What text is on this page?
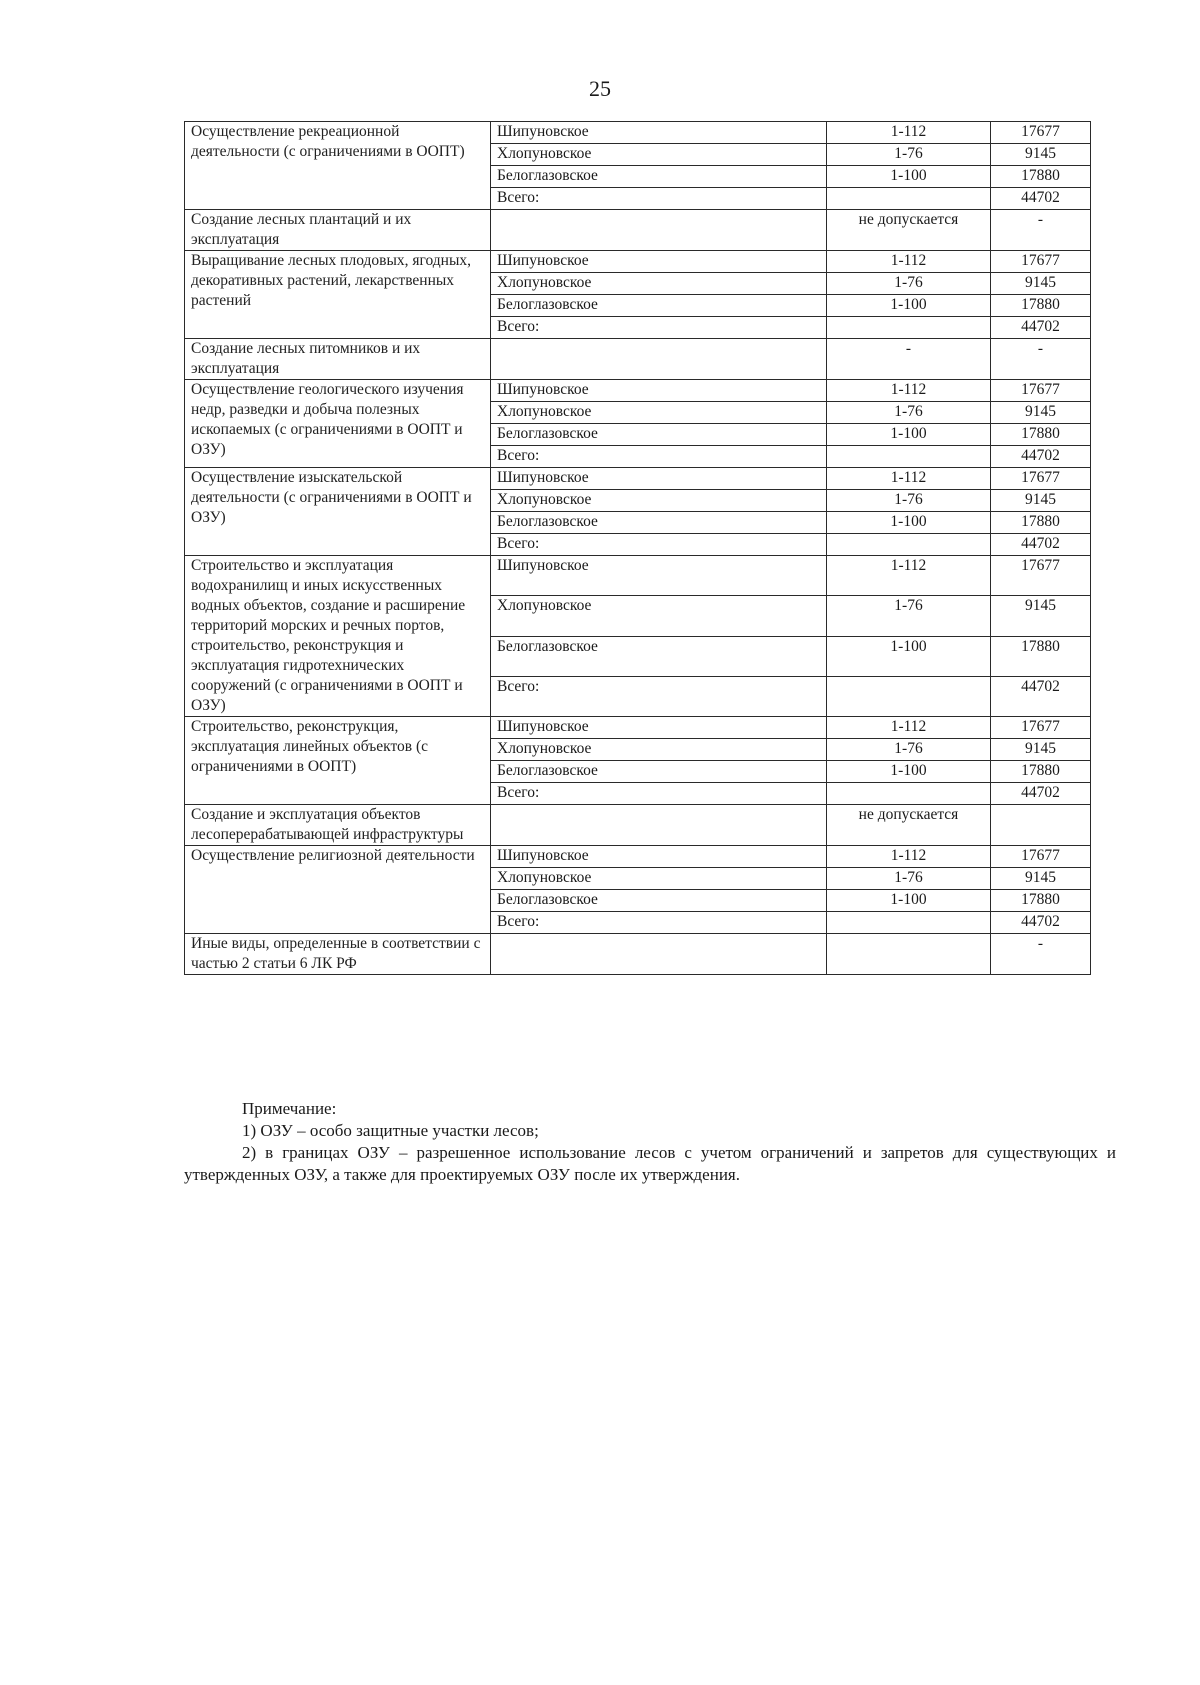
25
Осуществление рекреационной деятельности (с ограничениями в ООПТ)	Шипуновское	1-112	17677
	Хлопуновское	1-76	9145
	Белоглазовское	1-100	17880
	Всего:		44702
Создание лесных плантаций и их эксплуатация		не допускается	-
Выращивание лесных плодовых, ягодных, декоративных растений, лекарственных растений	Шипуновское	1-112	17677
	Хлопуновское	1-76	9145
	Белоглазовское	1-100	17880
	Всего:		44702
Создание лесных питомников и их эксплуатация		-	-
Осуществление геологического изучения недр, разведки и добыча полезных ископаемых (с ограничениями в ООПТ и ОЗУ)	Шипуновское	1-112	17677
	Хлопуновское	1-76	9145
	Белоглазовское	1-100	17880
	Всего:		44702
Осуществление изыскательской деятельности (с ограничениями в ООПТ и ОЗУ)	Шипуновское	1-112	17677
	Хлопуновское	1-76	9145
	Белоглазовское	1-100	17880
	Всего:		44702
Строительство и эксплуатация водохранилищ и иных искусственных водных объектов, создание и расширение территорий морских и речных портов, строительство, реконструкция и эксплуатация гидротехнических сооружений (с ограничениями в ООПТ и ОЗУ)	Шипуновское	1-112	17677
	Хлопуновское	1-76	9145
	Белоглазовское	1-100	17880
	Всего:		44702
Строительство, реконструкция, эксплуатация линейных объектов (с ограничениями в ООПТ)	Шипуновское	1-112	17677
	Хлопуновское	1-76	9145
	Белоглазовское	1-100	17880
	Всего:		44702
Создание и эксплуатация объектов лесоперерабатывающей инфраструктуры		не допускается	
Осуществление религиозной деятельности	Шипуновское	1-112	17677
	Хлопуновское	1-76	9145
	Белоглазовское	1-100	17880
	Всего:		44702
Иные виды, определенные в соответствии с частью 2 статьи 6 ЛК РФ			-

Примечание:

1) ОЗУ – особо защитные участки лесов;

2) в границах ОЗУ – разрешенное использование лесов с учетом ограничений и запретов для существующих и утвержденных ОЗУ, а также для проектируемых ОЗУ после их утверждения.
